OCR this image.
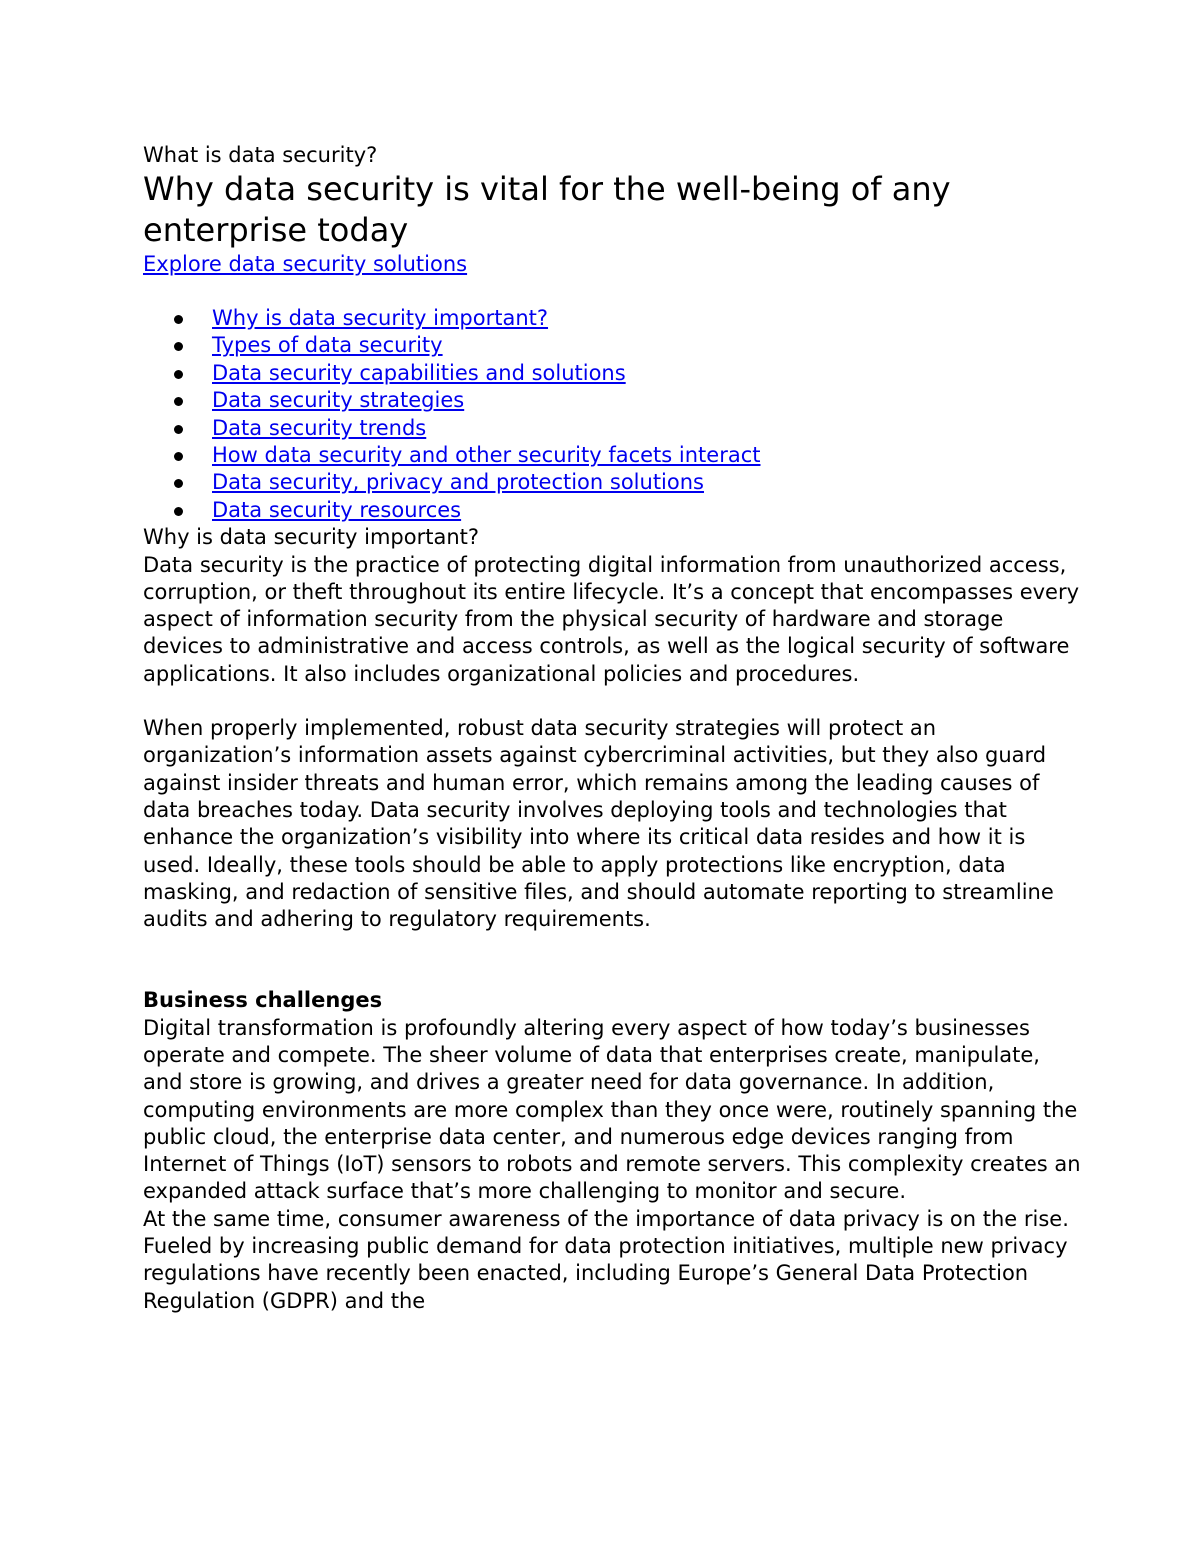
What is data security?

Why data security is vital for the well-being of any enterprise today
Explore data security solutions
Why is data security important?
Types of data security
Data security capabilities and solutions
Data security strategies
Data security trends
How data security and other security facets interact
Data security, privacy and protection solutions
Data security resources

Why is data security important?

Data security is the practice of protecting digital information from unauthorized access, corruption, or theft throughout its entire lifecycle. It’s a concept that encompasses every aspect of information security from the physical security of hardware and storage devices to administrative and access controls, as well as the logical security of software applications. It also includes organizational policies and procedures.

When properly implemented, robust data security strategies will protect an organization’s information assets against cybercriminal activities, but they also guard against insider threats and human error, which remains among the leading causes of data breaches today. Data security involves deploying tools and technologies that enhance the organization’s visibility into where its critical data resides and how it is used. Ideally, these tools should be able to apply protections like encryption, data masking, and redaction of sensitive files, and should automate reporting to streamline audits and adhering to regulatory requirements.

Business challenges

Digital transformation is profoundly altering every aspect of how today’s businesses operate and compete. The sheer volume of data that enterprises create, manipulate, and store is growing, and drives a greater need for data governance. In addition, computing environments are more complex than they once were, routinely spanning the public cloud, the enterprise data center, and numerous edge devices ranging from Internet of Things (IoT) sensors to robots and remote servers. This complexity creates an expanded attack surface that’s more challenging to monitor and secure.

At the same time, consumer awareness of the importance of data privacy is on the rise. Fueled by increasing public demand for data protection initiatives, multiple new privacy regulations have recently been enacted, including Europe’s General Data Protection Regulation (GDPR) and the
